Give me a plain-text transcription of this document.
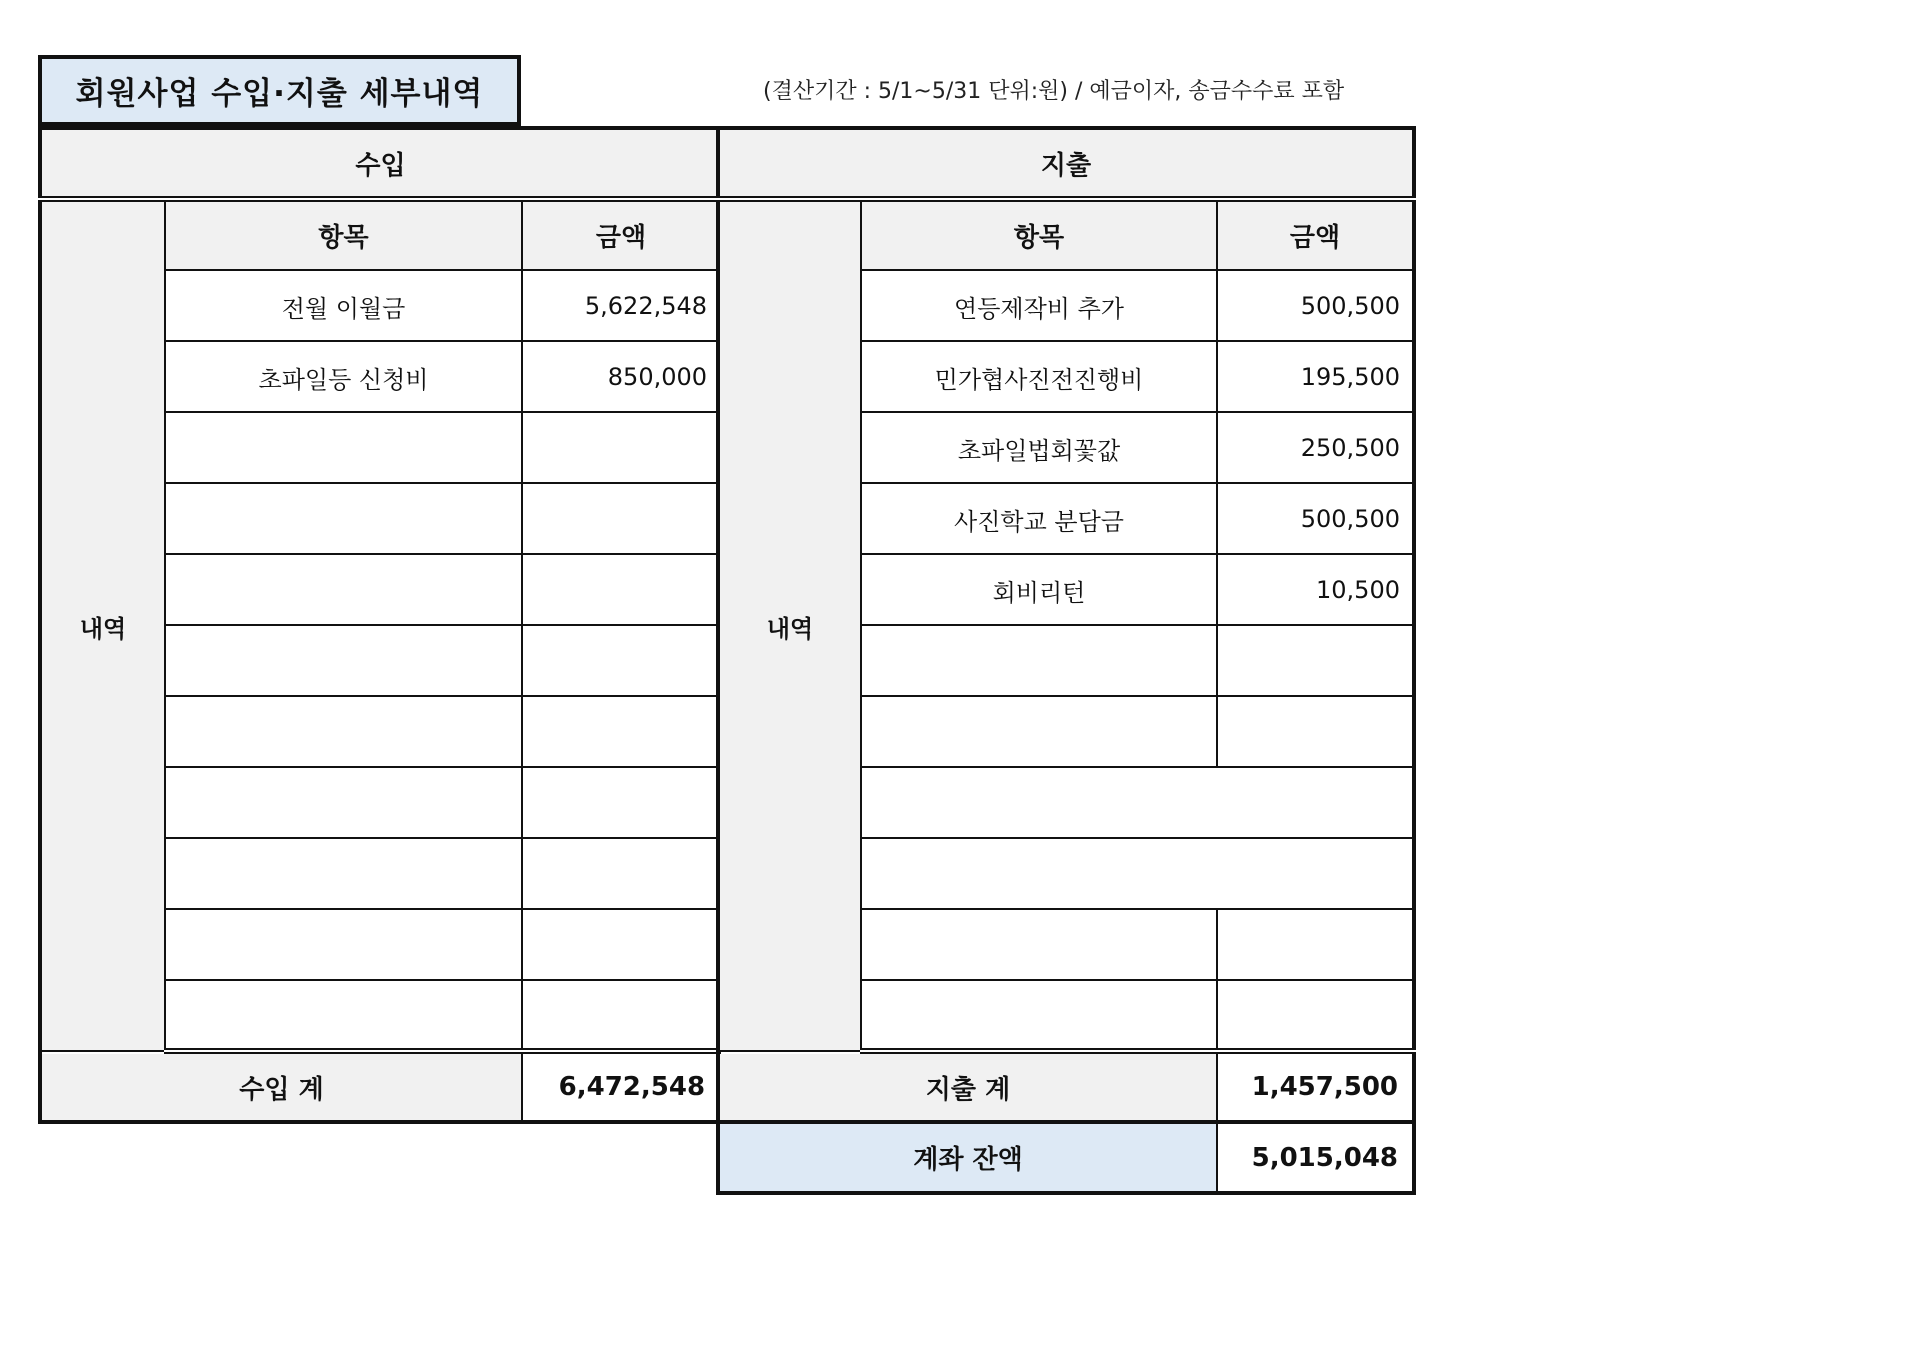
회원사업 수입·지출 세부내역	(결산기간 : 5/1~5/31 단위:원) / 예금이자, 송금수수료 포함
수입		
내역	항목	금액
	전월 이월금	5,622,548
	초파일등 신청비	850,000

수입 계		6,472,548
지출		
내역	항목	금액
	연등제작비 추가	500,500
	민가협사진전진행비	195,500
	초파일법회꽃값	250,500
	사진학교 분담금	500,500
	회비리턴	10,500

지출 계		1,457,500
계좌 잔액		5,015,048
